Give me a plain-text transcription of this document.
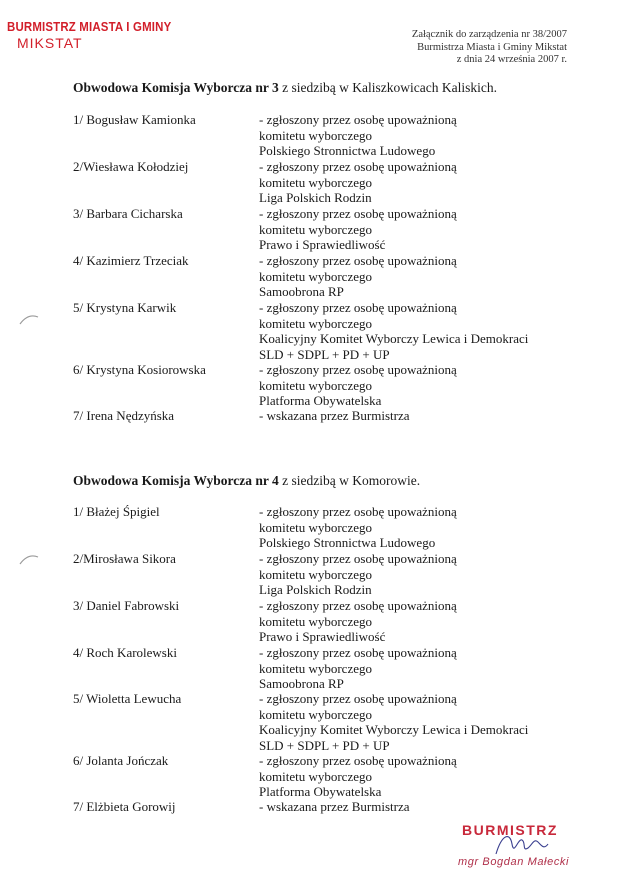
BURMISTRZ MIASTA I GMINY
MIKSTAT
Załącznik do zarządzenia nr 38/2007
Burmistrza Miasta i Gminy Mikstat
z dnia 24 września 2007 r.
Obwodowa Komisja Wyborcza nr 3 z siedzibą w Kaliszkowicach Kaliskich.
1/ Bogusław Kamionka	- zgłoszony przez osobę upoważnioną
komitetu wyborczego
Polskiego Stronnictwa Ludowego
2/Wiesława Kołodziej	- zgłoszony przez osobę upoważnioną
komitetu wyborczego
Liga Polskich Rodzin
3/ Barbara Cicharska	- zgłoszony przez osobę upoważnioną
komitetu wyborczego
Prawo i Sprawiedliwość
4/ Kazimierz Trzeciak	- zgłoszony przez osobę upoważnioną
komitetu wyborczego
Samoobrona RP
5/ Krystyna Karwik	- zgłoszony przez osobę upoważnioną
komitetu wyborczego
Koalicyjny Komitet Wyborczy Lewica i Demokraci
SLD + SDPL + PD + UP
6/ Krystyna Kosiorowska	- zgłoszony przez osobę upoważnioną
komitetu wyborczego
Platforma Obywatelska
7/ Irena Nędzyńska	- wskazana przez Burmistrza
Obwodowa Komisja Wyborcza nr 4 z siedzibą w Komorowie.
1/ Błażej Śpigiel	- zgłoszony przez osobę upoważnioną
komitetu wyborczego
Polskiego Stronnictwa Ludowego
2/Mirosława Sikora	- zgłoszony przez osobę upoważnioną
komitetu wyborczego
Liga Polskich Rodzin
3/ Daniel Fabrowski	- zgłoszony przez osobę upoważnioną
komitetu wyborczego
Prawo i Sprawiedliwość
4/ Roch Karolewski	- zgłoszony przez osobę upoważnioną
komitetu wyborczego
Samoobrona RP
5/ Wioletta Lewucha	- zgłoszony przez osobę upoważnioną
komitetu wyborczego
Koalicyjny Komitet Wyborczy Lewica i Demokraci
SLD + SDPL + PD + UP
6/ Jolanta Jończak	- zgłoszony przez osobę upoważnioną
komitetu wyborczego
Platforma Obywatelska
7/ Elżbieta Gorowij	- wskazana przez Burmistrza
BURMISTRZ
mgr Bogdan Małecki
